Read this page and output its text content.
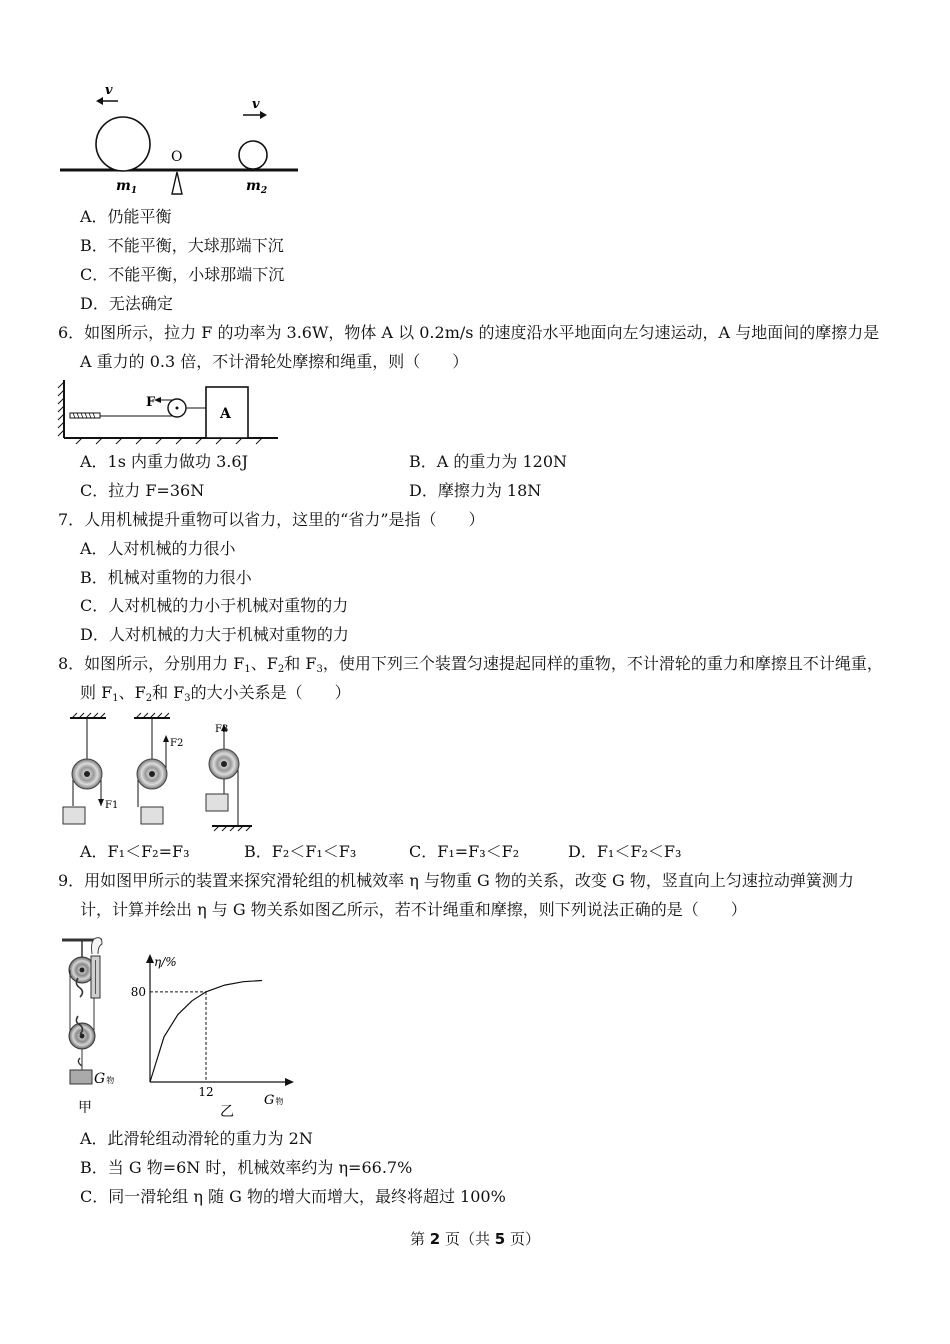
O
v
v
$m_1$	$m_2$
A．仍能平衡
B．不能平衡，大球那端下沉
C．不能平衡，小球那端下沉
D．无法确定
6．如图所示，拉力 F 的功率为 3.6W，物体 A 以 0.2m/s 的速度沿水平地面向左匀速运动，A 与地面间的摩擦力是
A 重力的 0.3 倍，不计滑轮处摩擦和绳重，则（　　）
F
A
A．1s 内重力做功 3.6J	B．A 的重力为 120N
C．拉力 F=36N	D．摩擦力为 18N
7．人用机械提升重物可以省力，这里的“省力”是指（　　）
A．人对机械的力很小
B．机械对重物的力很小
C．人对机械的力小于机械对重物的力
D．人对机械的力大于机械对重物的力
8．如图所示，分别用力 $F_1$、$F_2$和 $F_3$，使用下列三个装置匀速提起同样的重物，不计滑轮的重力和摩擦且不计绳重，
则 $F_1$、$F_2$和 $F_3$的大小关系是（　　）
F1
F2
F3
A．F₁＜F₂=F₃	B．F₂＜F₁＜F₃	C．F₁=F₃＜F₂	D．F₁＜F₂＜F₃
9．用如图甲所示的装置来探究滑轮组的机械效率 η 与物重 G 物的关系，改变 G 物，竖直向上匀速拉动弹簧测力
计，计算并绘出 η 与 G 物关系如图乙所示，若不计绳重和摩擦，则下列说法正确的是（　　）
G物
甲
η/%
G物
80
12
乙
A．此滑轮组动滑轮的重力为 2N
B．当 G 物=6N 时，机械效率约为 η=66.7%
C．同一滑轮组 η 随 G 物的增大而增大，最终将超过 100%
第 2 页（共 5 页）
